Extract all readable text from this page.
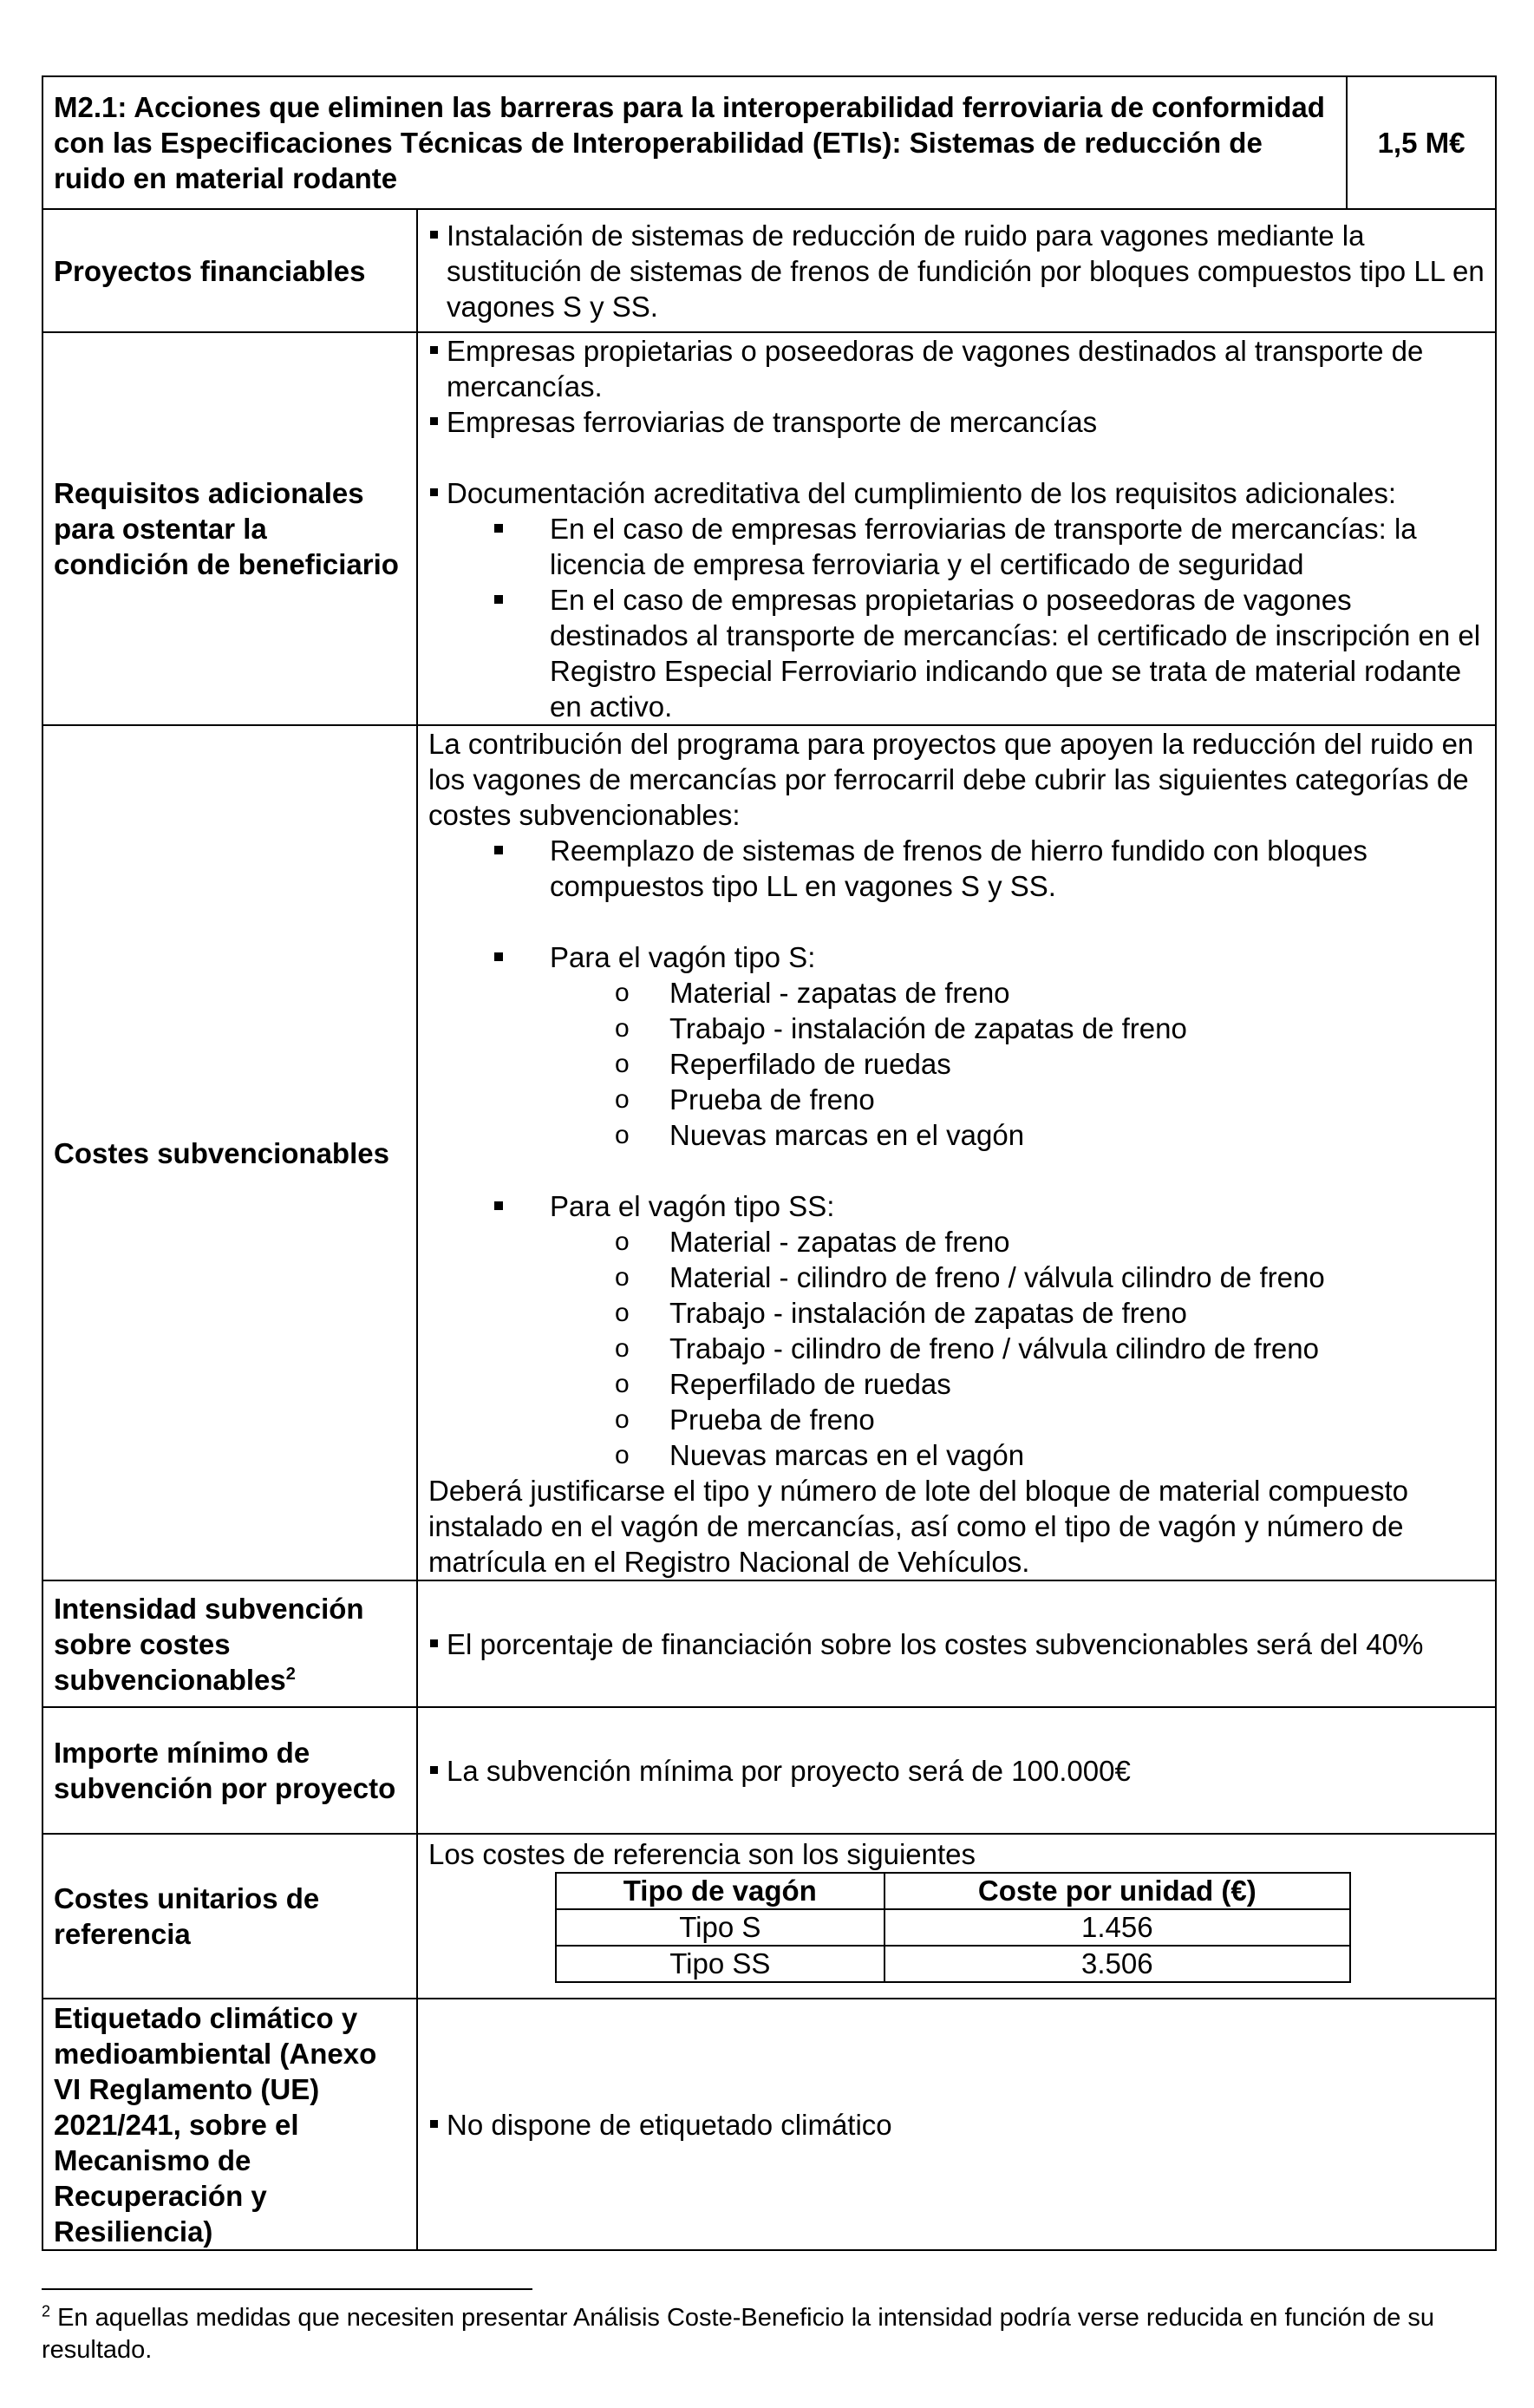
M2.1: Acciones que eliminen las barreras para la interoperabilidad ferroviaria de conformidad con las Especificaciones Técnicas de Interoperabilidad (ETIs): Sistemas de reducción de ruido en material rodante	1,5 M€
Proyectos financiables	
Instalación de sistemas de reducción de ruido para vagones mediante la sustitución de sistemas de frenos de fundición por bloques compuestos tipo LL en vagones S y SS.

Requisitos adicionales para ostentar la condición de beneficiario	
Empresas propietarias o poseedoras de vagones destinados al transporte de mercancías.
Empresas ferroviarias de transporte de mercancías
Documentación acreditativa del cumplimiento de los requisitos adicionales:
En el caso de empresas ferroviarias de transporte de mercancías: la licencia de empresa ferroviaria y el certificado de seguridad
En el caso de empresas propietarias o poseedoras de vagones destinados al transporte de mercancías: el certificado de inscripción en el Registro Especial Ferroviario indicando que se trata de material rodante en activo.

Costes subvencionables	
La contribución del programa para proyectos que apoyen la reducción del ruido en los vagones de mercancías por ferrocarril debe cubrir las siguientes categorías de costes subvencionables:
Reemplazo de sistemas de frenos de hierro fundido con bloques compuestos tipo LL en vagones S y SS.
Para el vagón tipo S:
o Material - zapatas de freno
o Trabajo - instalación de zapatas de freno
o Reperfilado de ruedas
o Prueba de freno
o Nuevas marcas en el vagón
Para el vagón tipo SS:
o Material - zapatas de freno
o Material - cilindro de freno / válvula cilindro de freno
o Trabajo - instalación de zapatas de freno
o Trabajo - cilindro de freno / válvula cilindro de freno
o Reperfilado de ruedas
o Prueba de freno
o Nuevas marcas en el vagón
Deberá justificarse el tipo y número de lote del bloque de material compuesto instalado en el vagón de mercancías, así como el tipo de vagón y número de matrícula en el Registro Nacional de Vehículos.

Intensidad subvención sobre costes subvencionables$^2$	
El porcentaje de financiación sobre los costes subvencionables será del 40%

Importe mínimo de subvención por proyecto	
La subvención mínima por proyecto será de 100.000€

Costes unitarios de referencia	
Los costes de referencia son los siguientes
Tipo de vagón	Coste por unidad (€)
Tipo S	1.456
Tipo SS	3.506

Etiquetado climático y medioambiental (Anexo VI Reglamento (UE) 2021/241, sobre el Mecanismo de Recuperación y Resiliencia)	
No dispone de etiquetado climático
$^2$ En aquellas medidas que necesiten presentar Análisis Coste-Beneficio la intensidad podría verse reducida en función de su resultado.
